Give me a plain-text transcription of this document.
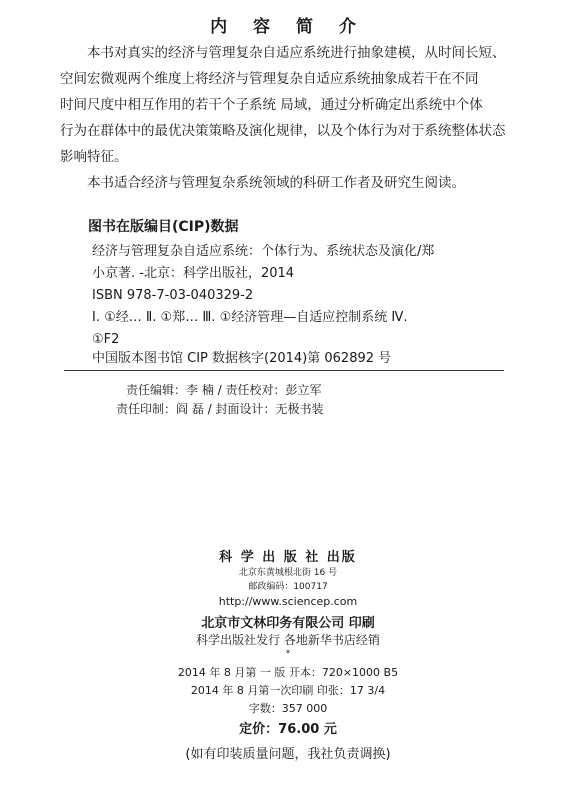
内 容 简 介
本书对真实的经济与管理复杂自适应系统进行抽象建模，从时间长短、
空间宏微观两个维度上将经济与管理复杂自适应系统抽象成若干在不同
时间尺度中相互作用的若干个子系统 局域，通过分析确定出系统中个体
行为在群体中的最优决策策略及演化规律，以及个体行为对于系统整体状态
影响特征。
本书适合经济与管理复杂系统领域的科研工作者及研究生阅读。
图书在版编目(CIP)数据
经济与管理复杂自适应系统：个体行为、系统状态及演化/郑
小京著. -北京：科学出版社，2014
ISBN 978-7-03-040329-2
Ⅰ. ①经… Ⅱ. ①郑… Ⅲ. ①经济管理—自适应控制系统 Ⅳ.
①F2
中国版本图书馆 CIP 数据核字(2014)第 062892 号
责任编辑：李 楠 / 责任校对：彭立军
责任印制：阎 磊 / 封面设计：无极书装
科 学 出 版 社 出版
北京东黄城根北街 16 号
邮政编码：100717
http://www.sciencep.com
北京市文林印务有限公司 印刷
科学出版社发行 各地新华书店经销
*
2014 年 8 月第 一 版 开本：720×1000 B5
2014 年 8 月第一次印刷 印张：17 3/4
字数：357 000
定价：76.00 元
(如有印装质量问题，我社负责调换)
